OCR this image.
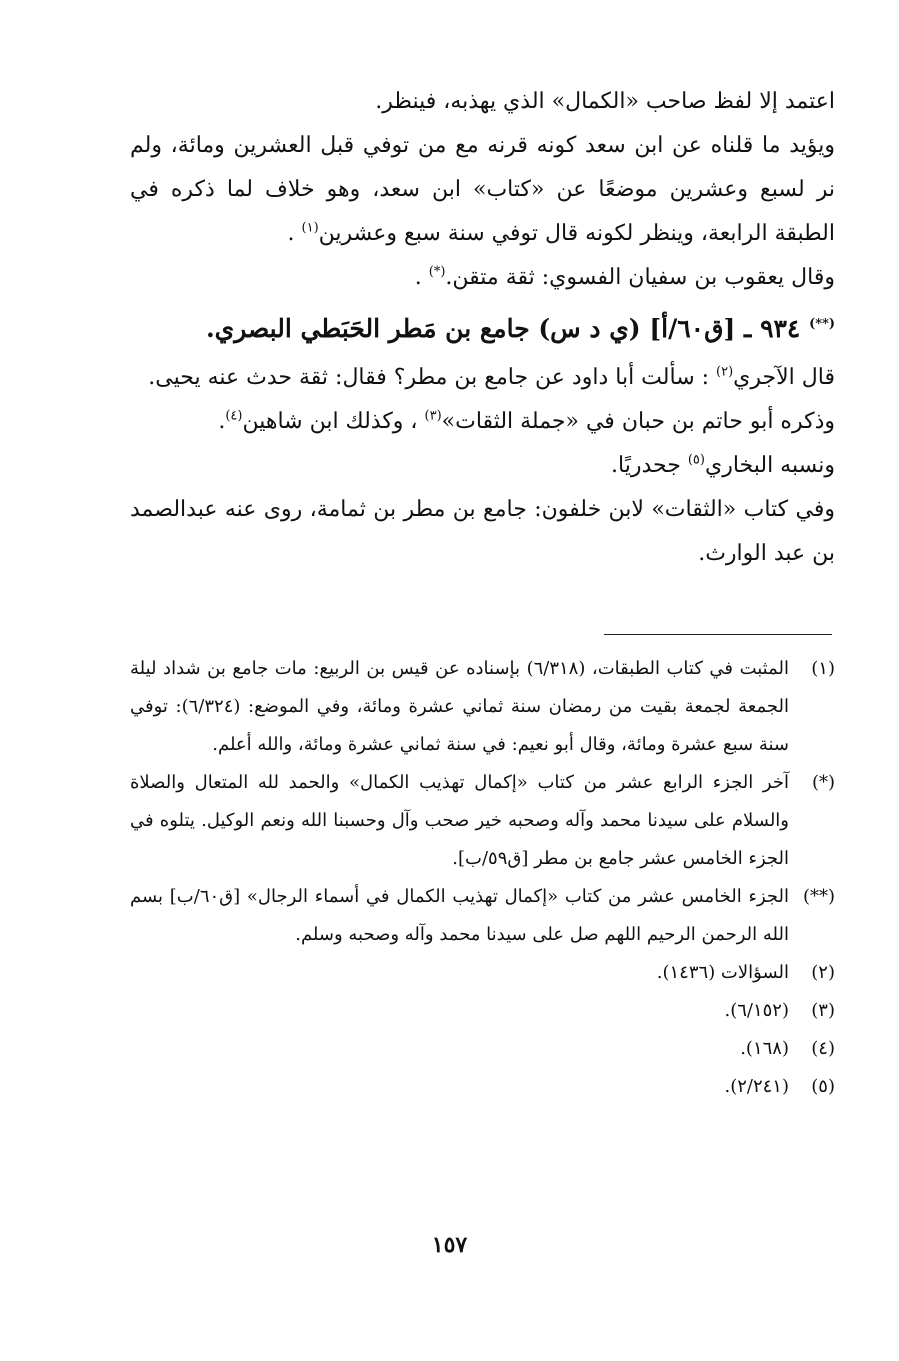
اعتمد إلا لفظ صاحب «الكمال» الذي يهذبه، فينظر.

ويؤيد ما قلناه عن ابن سعد كونه قرنه مع من توفي قبل العشرين ومائة، ولم نر لسبع وعشرين موضعًا عن «كتاب» ابن سعد، وهو خلاف لما ذكره في الطبقة الرابعة، وينظر لكونه قال توفي سنة سبع وعشرين$^{(١)}$ .

وقال يعقوب بن سفيان الفسوي: ثقة متقن.(*) .

(**) ٩٣٤ ـ [ق٦٠/أ] (ي د س) جامع بن مَطر الحَبَطي البصري.

قال الآجري$^{(٢)}$ : سألت أبا داود عن جامع بن مطر؟ فقال: ثقة حدث عنه يحيى.

وذكره أبو حاتم بن حبان في «جملة الثقات»$^{(٣)}$ ، وكذلك ابن شاهين$^{(٤)}$.

ونسبه البخاري$^{(٥)}$ جحدريًا.

وفي كتاب «الثقات» لابن خلفون: جامع بن مطر بن ثمامة، روى عنه عبدالصمد بن عبد الوارث.

(١)
المثبت في كتاب الطبقات، (٦/٣١٨) بإسناده عن قيس بن الربيع: مات جامع بن شداد ليلة الجمعة لجمعة بقيت من رمضان سنة ثماني عشرة ومائة، وفي الموضع: (٦/٣٢٤): توفي سنة سبع عشرة ومائة، وقال أبو نعيم: في سنة ثماني عشرة ومائة، والله أعلم.

(*)
آخر الجزء الرابع عشر من كتاب «إكمال تهذيب الكمال» والحمد لله المتعال والصلاة والسلام على سيدنا محمد وآله وصحبه خير صحب وآل وحسبنا الله ونعم الوكيل. يتلوه في الجزء الخامس عشر جامع بن مطر [ق٥٩/ب].

(**)
الجزء الخامس عشر من كتاب «إكمال تهذيب الكمال في أسماء الرجال» [ق٦٠/ب] بسم الله الرحمن الرحيم اللهم صل على سيدنا محمد وآله وصحبه وسلم.

(٢)
السؤالات (١٤٣٦).

(٣)
(٦/١٥٢).

(٤)
(١٦٨).

(٥)
(٢/٢٤١).

١٥٧
